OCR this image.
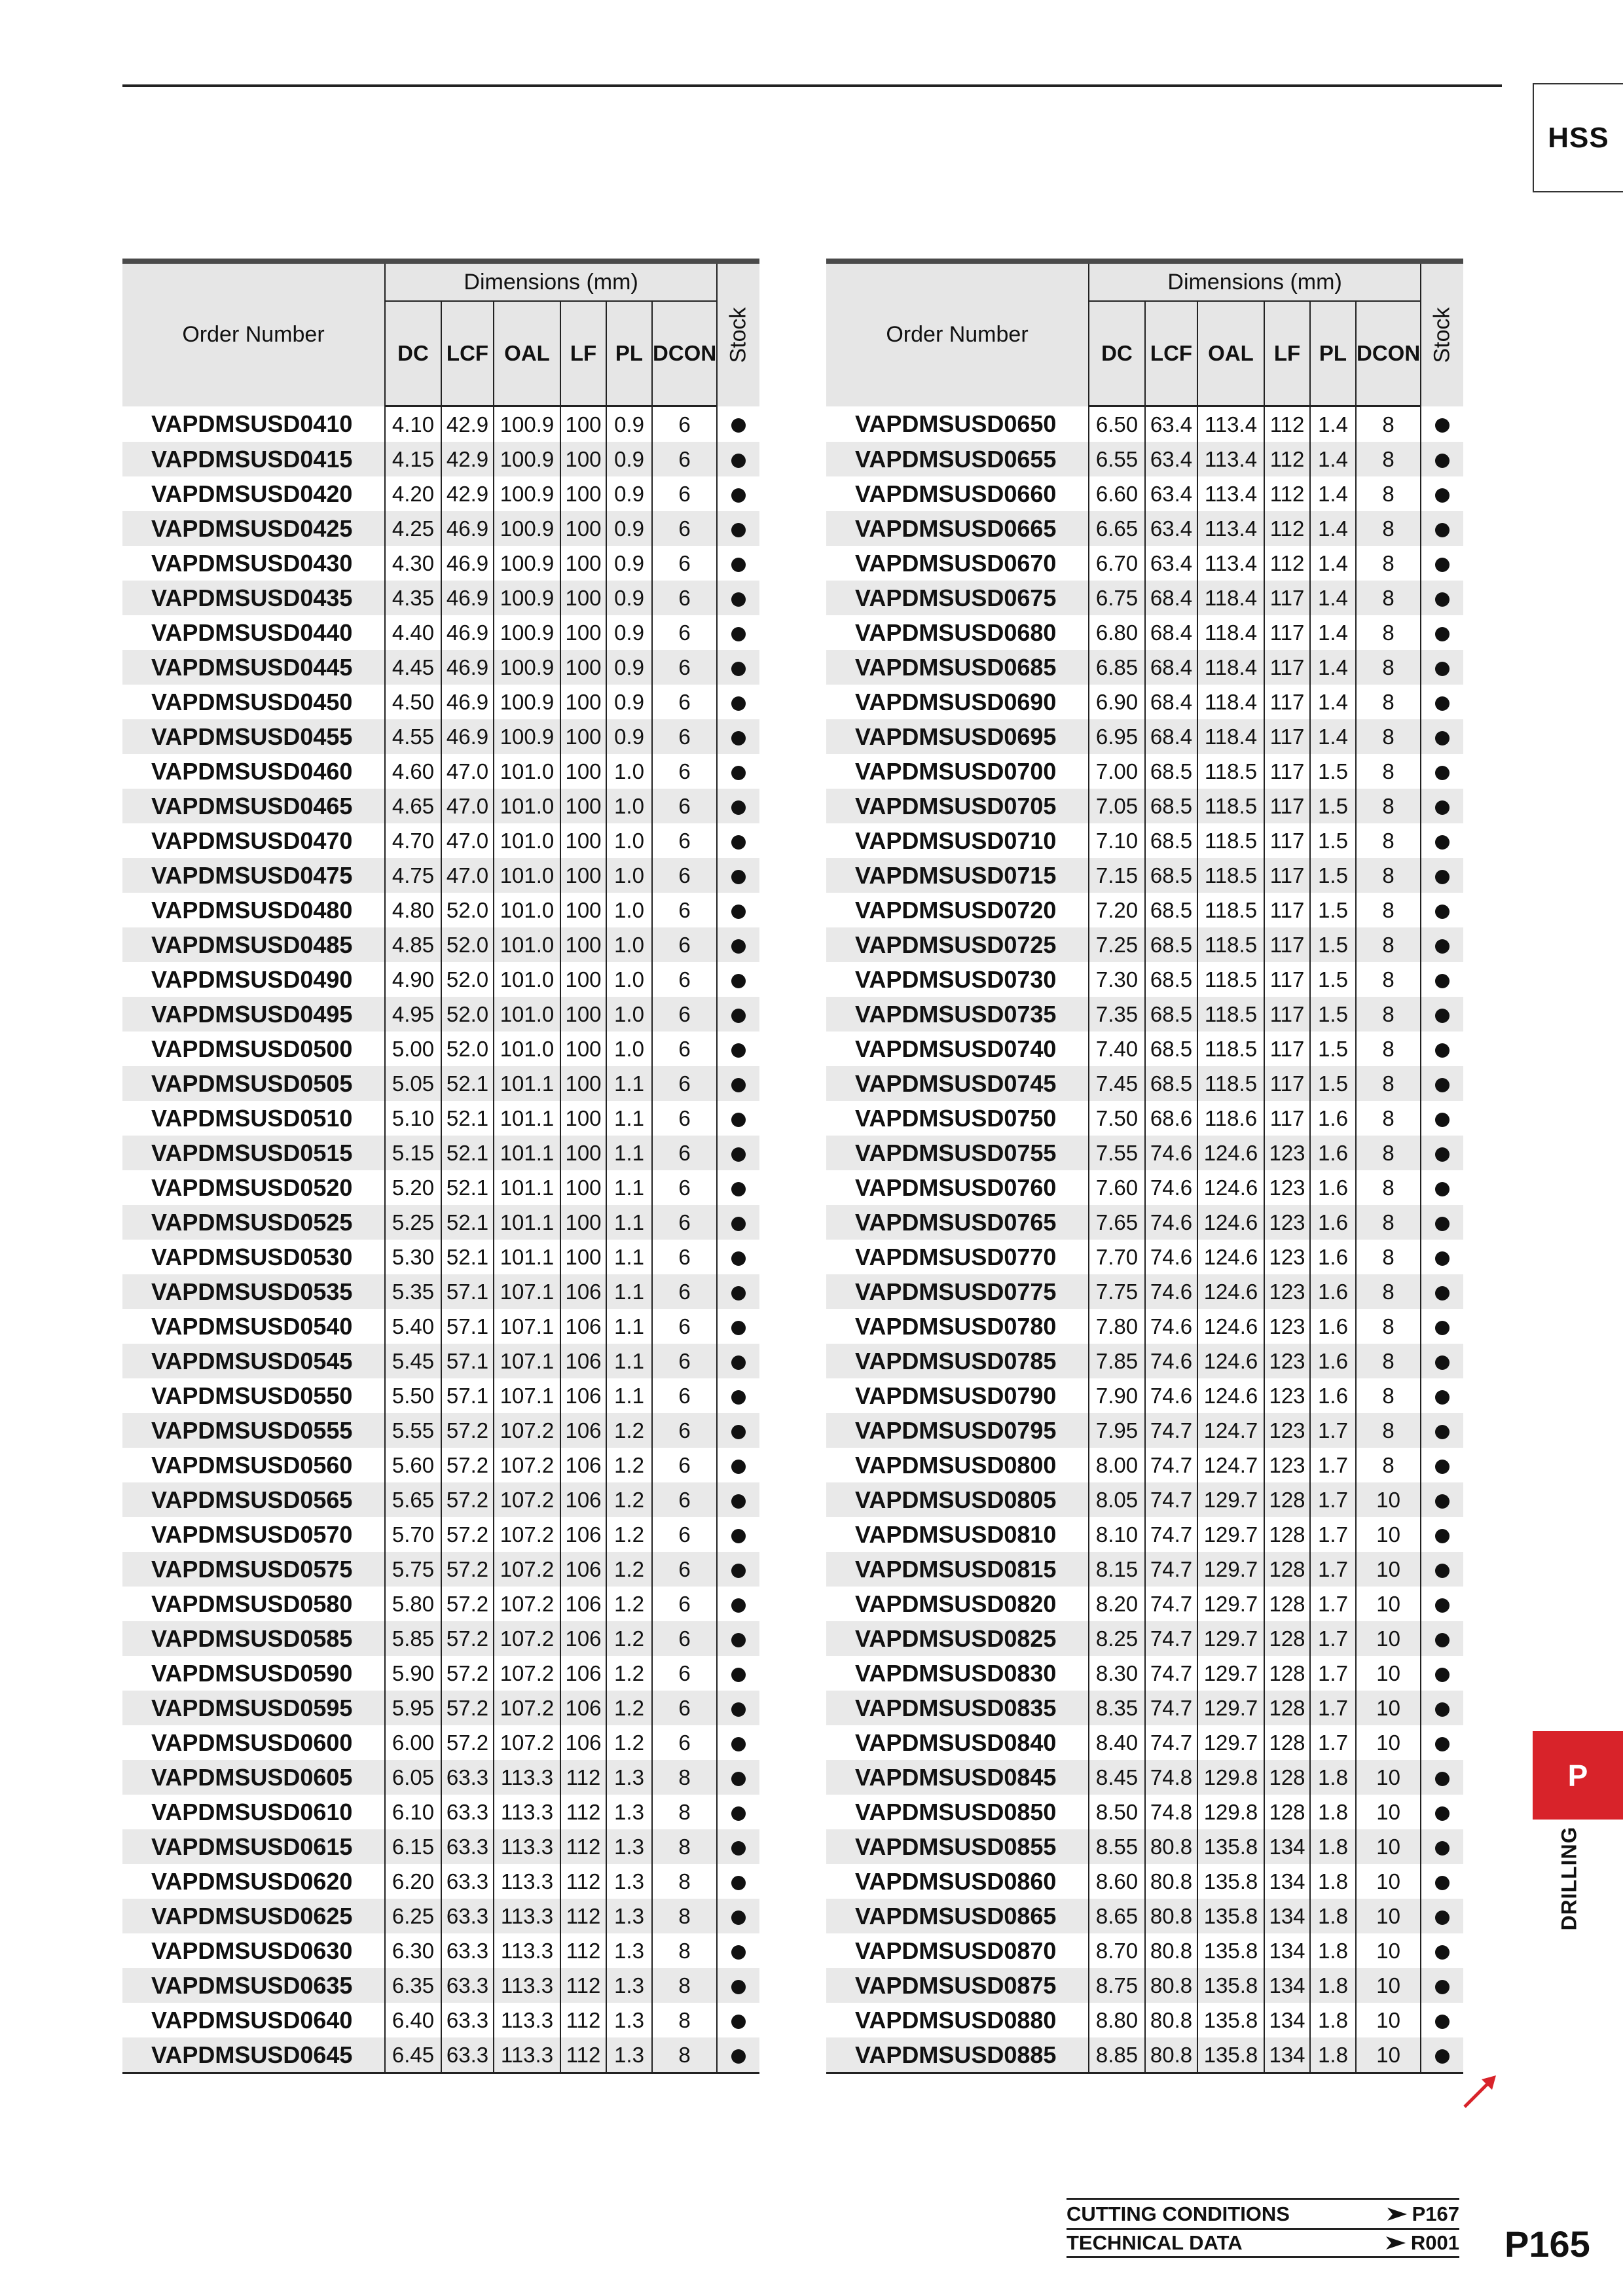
HSS
Order Number	Dimensions (mm)						Stock

	DC	LCF	OAL	LF	PL	DCON	
VAPDMSUSD0410	4.10	42.9	100.9	100	0.9	6	
VAPDMSUSD0415	4.15	42.9	100.9	100	0.9	6	
VAPDMSUSD0420	4.20	42.9	100.9	100	0.9	6	
VAPDMSUSD0425	4.25	46.9	100.9	100	0.9	6	
VAPDMSUSD0430	4.30	46.9	100.9	100	0.9	6	
VAPDMSUSD0435	4.35	46.9	100.9	100	0.9	6	
VAPDMSUSD0440	4.40	46.9	100.9	100	0.9	6	
VAPDMSUSD0445	4.45	46.9	100.9	100	0.9	6	
VAPDMSUSD0450	4.50	46.9	100.9	100	0.9	6	
VAPDMSUSD0455	4.55	46.9	100.9	100	0.9	6	
VAPDMSUSD0460	4.60	47.0	101.0	100	1.0	6	
VAPDMSUSD0465	4.65	47.0	101.0	100	1.0	6	
VAPDMSUSD0470	4.70	47.0	101.0	100	1.0	6	
VAPDMSUSD0475	4.75	47.0	101.0	100	1.0	6	
VAPDMSUSD0480	4.80	52.0	101.0	100	1.0	6	
VAPDMSUSD0485	4.85	52.0	101.0	100	1.0	6	
VAPDMSUSD0490	4.90	52.0	101.0	100	1.0	6	
VAPDMSUSD0495	4.95	52.0	101.0	100	1.0	6	
VAPDMSUSD0500	5.00	52.0	101.0	100	1.0	6	
VAPDMSUSD0505	5.05	52.1	101.1	100	1.1	6	
VAPDMSUSD0510	5.10	52.1	101.1	100	1.1	6	
VAPDMSUSD0515	5.15	52.1	101.1	100	1.1	6	
VAPDMSUSD0520	5.20	52.1	101.1	100	1.1	6	
VAPDMSUSD0525	5.25	52.1	101.1	100	1.1	6	
VAPDMSUSD0530	5.30	52.1	101.1	100	1.1	6	
VAPDMSUSD0535	5.35	57.1	107.1	106	1.1	6	
VAPDMSUSD0540	5.40	57.1	107.1	106	1.1	6	
VAPDMSUSD0545	5.45	57.1	107.1	106	1.1	6	
VAPDMSUSD0550	5.50	57.1	107.1	106	1.1	6	
VAPDMSUSD0555	5.55	57.2	107.2	106	1.2	6	
VAPDMSUSD0560	5.60	57.2	107.2	106	1.2	6	
VAPDMSUSD0565	5.65	57.2	107.2	106	1.2	6	
VAPDMSUSD0570	5.70	57.2	107.2	106	1.2	6	
VAPDMSUSD0575	5.75	57.2	107.2	106	1.2	6	
VAPDMSUSD0580	5.80	57.2	107.2	106	1.2	6	
VAPDMSUSD0585	5.85	57.2	107.2	106	1.2	6	
VAPDMSUSD0590	5.90	57.2	107.2	106	1.2	6	
VAPDMSUSD0595	5.95	57.2	107.2	106	1.2	6	
VAPDMSUSD0600	6.00	57.2	107.2	106	1.2	6	
VAPDMSUSD0605	6.05	63.3	113.3	112	1.3	8	
VAPDMSUSD0610	6.10	63.3	113.3	112	1.3	8	
VAPDMSUSD0615	6.15	63.3	113.3	112	1.3	8	
VAPDMSUSD0620	6.20	63.3	113.3	112	1.3	8	
VAPDMSUSD0625	6.25	63.3	113.3	112	1.3	8	
VAPDMSUSD0630	6.30	63.3	113.3	112	1.3	8	
VAPDMSUSD0635	6.35	63.3	113.3	112	1.3	8	
VAPDMSUSD0640	6.40	63.3	113.3	112	1.3	8	
VAPDMSUSD0645	6.45	63.3	113.3	112	1.3	8	
Order Number	Dimensions (mm)						Stock

	DC	LCF	OAL	LF	PL	DCON	
VAPDMSUSD0650	6.50	63.4	113.4	112	1.4	8	
VAPDMSUSD0655	6.55	63.4	113.4	112	1.4	8	
VAPDMSUSD0660	6.60	63.4	113.4	112	1.4	8	
VAPDMSUSD0665	6.65	63.4	113.4	112	1.4	8	
VAPDMSUSD0670	6.70	63.4	113.4	112	1.4	8	
VAPDMSUSD0675	6.75	68.4	118.4	117	1.4	8	
VAPDMSUSD0680	6.80	68.4	118.4	117	1.4	8	
VAPDMSUSD0685	6.85	68.4	118.4	117	1.4	8	
VAPDMSUSD0690	6.90	68.4	118.4	117	1.4	8	
VAPDMSUSD0695	6.95	68.4	118.4	117	1.4	8	
VAPDMSUSD0700	7.00	68.5	118.5	117	1.5	8	
VAPDMSUSD0705	7.05	68.5	118.5	117	1.5	8	
VAPDMSUSD0710	7.10	68.5	118.5	117	1.5	8	
VAPDMSUSD0715	7.15	68.5	118.5	117	1.5	8	
VAPDMSUSD0720	7.20	68.5	118.5	117	1.5	8	
VAPDMSUSD0725	7.25	68.5	118.5	117	1.5	8	
VAPDMSUSD0730	7.30	68.5	118.5	117	1.5	8	
VAPDMSUSD0735	7.35	68.5	118.5	117	1.5	8	
VAPDMSUSD0740	7.40	68.5	118.5	117	1.5	8	
VAPDMSUSD0745	7.45	68.5	118.5	117	1.5	8	
VAPDMSUSD0750	7.50	68.6	118.6	117	1.6	8	
VAPDMSUSD0755	7.55	74.6	124.6	123	1.6	8	
VAPDMSUSD0760	7.60	74.6	124.6	123	1.6	8	
VAPDMSUSD0765	7.65	74.6	124.6	123	1.6	8	
VAPDMSUSD0770	7.70	74.6	124.6	123	1.6	8	
VAPDMSUSD0775	7.75	74.6	124.6	123	1.6	8	
VAPDMSUSD0780	7.80	74.6	124.6	123	1.6	8	
VAPDMSUSD0785	7.85	74.6	124.6	123	1.6	8	
VAPDMSUSD0790	7.90	74.6	124.6	123	1.6	8	
VAPDMSUSD0795	7.95	74.7	124.7	123	1.7	8	
VAPDMSUSD0800	8.00	74.7	124.7	123	1.7	8	
VAPDMSUSD0805	8.05	74.7	129.7	128	1.7	10	
VAPDMSUSD0810	8.10	74.7	129.7	128	1.7	10	
VAPDMSUSD0815	8.15	74.7	129.7	128	1.7	10	
VAPDMSUSD0820	8.20	74.7	129.7	128	1.7	10	
VAPDMSUSD0825	8.25	74.7	129.7	128	1.7	10	
VAPDMSUSD0830	8.30	74.7	129.7	128	1.7	10	
VAPDMSUSD0835	8.35	74.7	129.7	128	1.7	10	
VAPDMSUSD0840	8.40	74.7	129.7	128	1.7	10	
VAPDMSUSD0845	8.45	74.8	129.8	128	1.8	10	
VAPDMSUSD0850	8.50	74.8	129.8	128	1.8	10	
VAPDMSUSD0855	8.55	80.8	135.8	134	1.8	10	
VAPDMSUSD0860	8.60	80.8	135.8	134	1.8	10	
VAPDMSUSD0865	8.65	80.8	135.8	134	1.8	10	
VAPDMSUSD0870	8.70	80.8	135.8	134	1.8	10	
VAPDMSUSD0875	8.75	80.8	135.8	134	1.8	10	
VAPDMSUSD0880	8.80	80.8	135.8	134	1.8	10	
VAPDMSUSD0885	8.85	80.8	135.8	134	1.8	10	
P
DRILLING
CUTTING CONDITIONS	P167
TECHNICAL DATA	R001 P165
